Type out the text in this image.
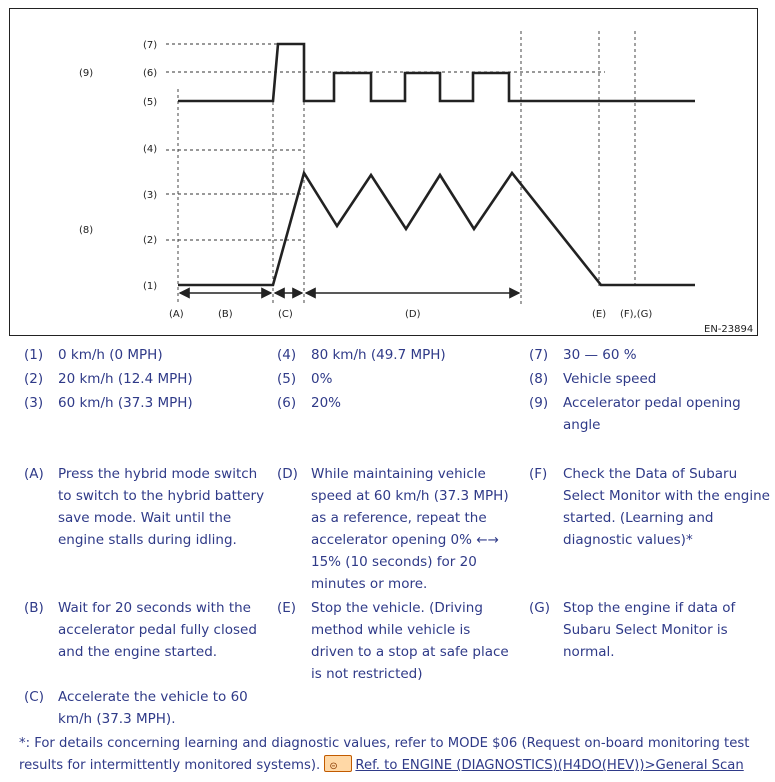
(7)
(6)
(5)
(4)
(3)
(2)
(1)
(9)
(8)
(A)	(B)	(C)	(D)	(E) (F),(G)
EN-23894
(1) 0 km/h (0 MPH)
(2) 20 km/h (12.4 MPH)
(3) 60 km/h (37.3 MPH)
(4) 80 km/h (49.7 MPH)
(5) 0%
(6) 20%
(7) 30 — 60 %
(8) Vehicle speed
(9) Accelerator pedal opening angle
(A) Press the hybrid mode switch to switch to the hybrid battery save mode. Wait until the engine stalls during idling.
(D) While maintaining vehicle speed at 60 km/h (37.3 MPH) as a reference, repeat the accelerator opening 0% ←→ 15% (10 seconds) for 20 minutes or more.
(F) Check the Data of Subaru Select Monitor with the engine started. (Learning and diagnostic values)*
(B) Wait for 20 seconds with the accelerator pedal fully closed and the engine started.
(E) Stop the vehicle. (Driving method while vehicle is driven to a stop at safe place is not restricted)
(G) Stop the engine if data of Subaru Select Monitor is normal.
(C) Accelerate the vehicle to 60 km/h (37.3 MPH).
*: For details concerning learning and diagnostic values, refer to MODE $06 (Request on-board monitoring test results for intermittently monitored systems). ⊝ Ref. to ENGINE (DIAGNOSTICS)(H4DO(HEV))>General Scan
